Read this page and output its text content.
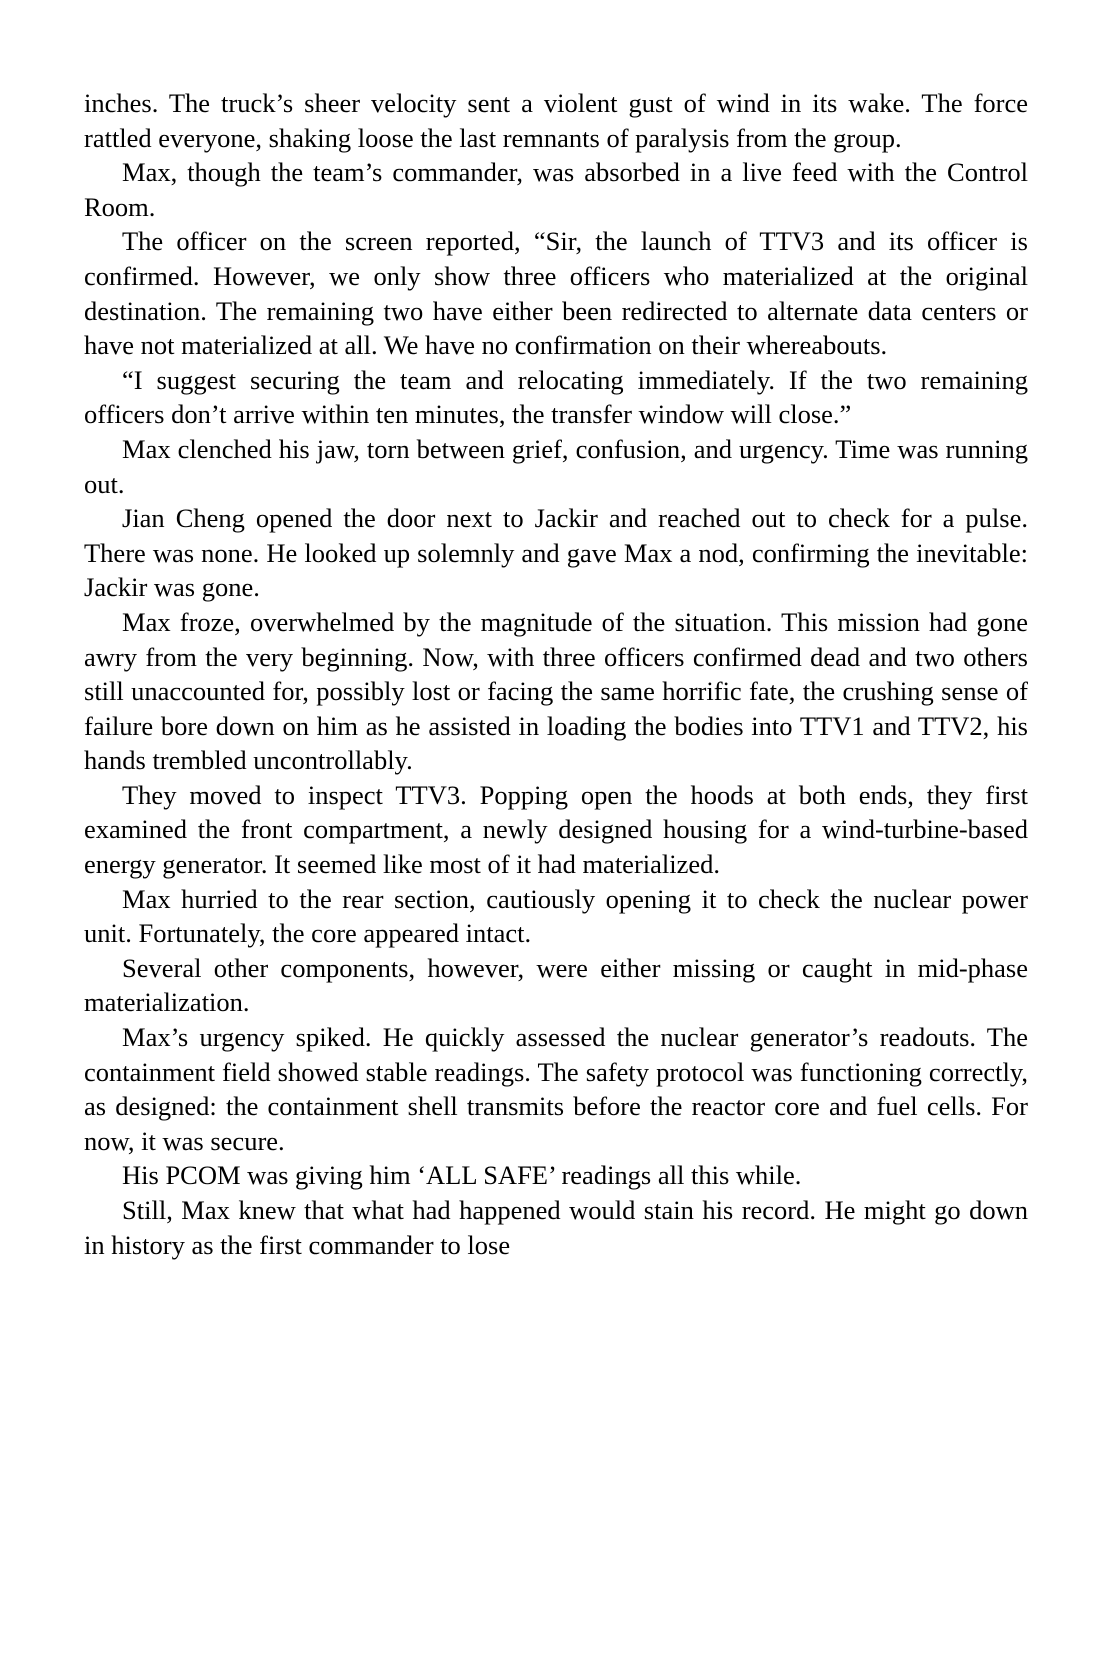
inches. The truck’s sheer velocity sent a violent gust of wind in its wake. The force rattled everyone, shaking loose the last remnants of paralysis from the group.

Max, though the team’s commander, was absorbed in a live feed with the Control Room.

The officer on the screen reported, “Sir, the launch of TTV3 and its officer is confirmed. However, we only show three officers who materialized at the original destination. The remaining two have either been redirected to alternate data centers or have not materialized at all. We have no confirmation on their whereabouts.

“I suggest securing the team and relocating immediately. If the two remaining officers don’t arrive within ten minutes, the transfer window will close.”

Max clenched his jaw, torn between grief, confusion, and urgency. Time was running out.

Jian Cheng opened the door next to Jackir and reached out to check for a pulse. There was none. He looked up solemnly and gave Max a nod, confirming the inevitable: Jackir was gone.

Max froze, overwhelmed by the magnitude of the situation. This mission had gone awry from the very beginning. Now, with three officers confirmed dead and two others still unaccounted for, possibly lost or facing the same horrific fate, the crushing sense of failure bore down on him as he assisted in loading the bodies into TTV1 and TTV2, his hands trembled uncontrollably.

They moved to inspect TTV3. Popping open the hoods at both ends, they first examined the front compartment, a newly designed housing for a wind-turbine-based energy generator. It seemed like most of it had materialized.

Max hurried to the rear section, cautiously opening it to check the nuclear power unit. Fortunately, the core appeared intact.

Several other components, however, were either missing or caught in mid-phase materialization.

Max’s urgency spiked. He quickly assessed the nuclear generator’s readouts. The containment field showed stable readings. The safety protocol was functioning correctly, as designed: the containment shell transmits before the reactor core and fuel cells. For now, it was secure.

His PCOM was giving him ‘ALL SAFE’ readings all this while.

Still, Max knew that what had happened would stain his record. He might go down in history as the first commander to lose
